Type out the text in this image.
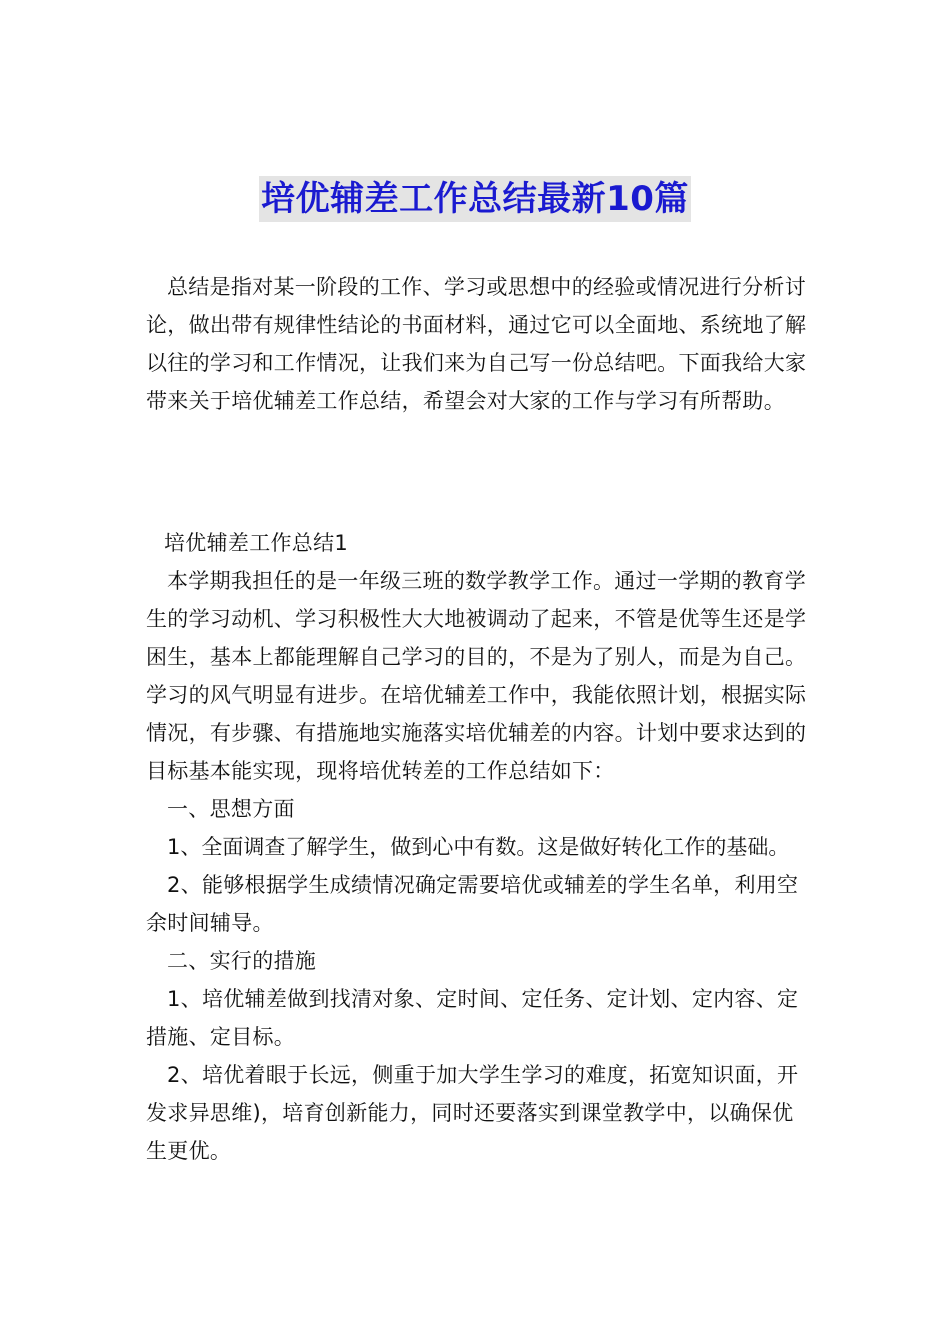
培优辅差工作总结最新10篇

总结是指对某一阶段的工作、学习或思想中的经验或情况进行分析讨论，做出带有规律性结论的书面材料，通过它可以全面地、系统地了解以往的学习和工作情况，让我们来为自己写一份总结吧。下面我给大家带来关于培优辅差工作总结，希望会对大家的工作与学习有所帮助。

培优辅差工作总结1

本学期我担任的是一年级三班的数学教学工作。通过一学期的教育学生的学习动机、学习积极性大大地被调动了起来，不管是优等生还是学困生，基本上都能理解自己学习的目的，不是为了别人，而是为自己。学习的风气明显有进步。在培优辅差工作中，我能依照计划，根据实际情况，有步骤、有措施地实施落实培优辅差的内容。计划中要求达到的目标基本能实现，现将培优转差的工作总结如下：

一、思想方面

1、全面调查了解学生，做到心中有数。这是做好转化工作的基础。

2、能够根据学生成绩情况确定需要培优或辅差的学生名单，利用空余时间辅导。

二、实行的措施

1、培优辅差做到找清对象、定时间、定任务、定计划、定内容、定措施、定目标。

2、培优着眼于长远，侧重于加大学生学习的难度，拓宽知识面，开发求异思维)，培育创新能力，同时还要落实到课堂教学中，以确保优生更优。
